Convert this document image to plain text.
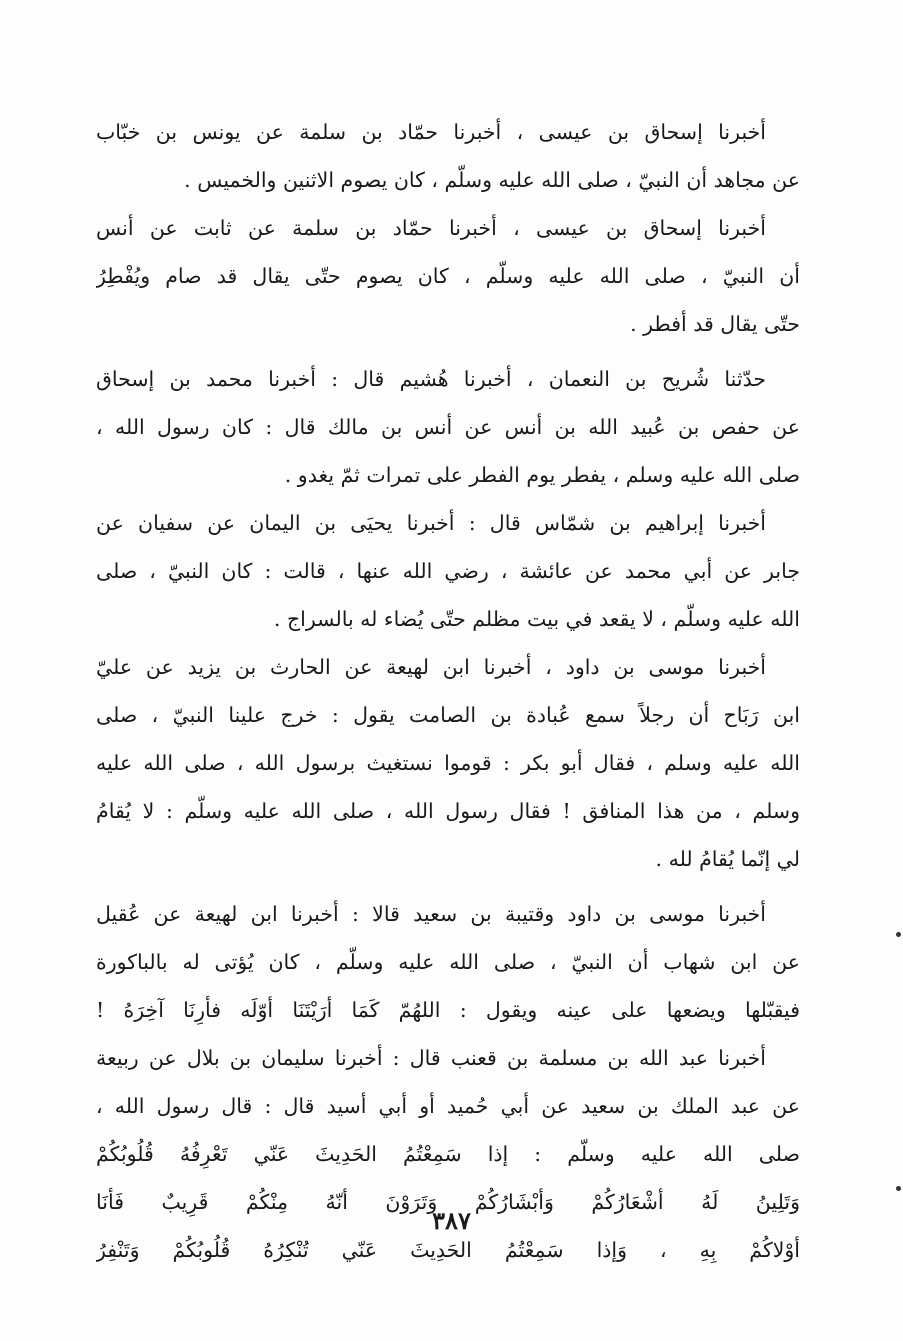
أخبرنا إسحاق بن عيسى ، أخبرنا حمّاد بن سلمة عن يونس بن خبّاب
عن مجاهد أن النبيّ ، صلى الله عليه وسلّم ، كان يصوم الاثنين والخميس .
أخبرنا إسحاق بن عيسى ، أخبرنا حمّاد بن سلمة عن ثابت عن أنس
أن النبيّ ، صلى الله عليه وسلّم ، كان يصوم حتّى يقال قد صام ويُفْطِرُ
حتّى يقال قد أفطر .
حدّثنا شُريح بن النعمان ، أخبرنا هُشيم قال : أخبرنا محمد بن إسحاق
عن حفص بن عُبيد الله بن أنس عن أنس بن مالك قال : كان رسول الله ،
صلى الله عليه وسلم ، يفطر يوم الفطر على تمرات ثمّ يغدو .
أخبرنا إبراهيم بن شمّاس قال : أخبرنا يحيَى بن اليمان عن سفيان عن
جابر عن أبي محمد عن عائشة ، رضي الله عنها ، قالت : كان النبيّ ، صلى
الله عليه وسلّم ، لا يقعد في بيت مظلم حتّى يُضاء له بالسراج .
أخبرنا موسى بن داود ، أخبرنا ابن لهيعة عن الحارث بن يزيد عن عليّ
ابن رَبَاح أن رجلاً سمع عُبادة بن الصامت يقول : خرج علينا النبيّ ، صلى
الله عليه وسلم ، فقال أبو بكر : قوموا نستغيث برسول الله ، صلى الله عليه
وسلم ، من هذا المنافق ! فقال رسول الله ، صلى الله عليه وسلّم : لا يُقامُ
لي إنّما يُقامُ لله .
أخبرنا موسى بن داود وقتيبة بن سعيد قالا : أخبرنا ابن لهيعة عن عُقيل
عن ابن شهاب أن النبيّ ، صلى الله عليه وسلّم ، كان يُؤتى له بالباكورة
فيقبّلها ويضعها على عينه ويقول : اللهُمّ كَمَا أرَيْتَنَا أوّلَه فأرِنَا آخِرَهُ !
أخبرنا عبد الله بن مسلمة بن قعنب قال : أخبرنا سليمان بن بلال عن ربيعة
عن عبد الملك بن سعيد عن أبي حُميد أو أبي أسيد قال : قال رسول الله ،
صلى الله عليه وسلّم : إذا سَمِعْتُمُ الحَدِيثَ عَنّي تَعْرِفُهُ قُلُوبُكُمْ
وَتَلِينُ لَهُ أشْعَارُكُمْ وَأبْشَارُكُمْ وَتَرَوْنَ أنّهُ مِنْكُمْ قَرِيبٌ فَأنَا
أوْلاكُمْ بِهِ ، وَإذا سَمِعْتُمُ الحَدِيثَ عَنّي تُنْكِرُهُ قُلُوبُكُمْ وَتَنْفِرُ
٣٨٧
